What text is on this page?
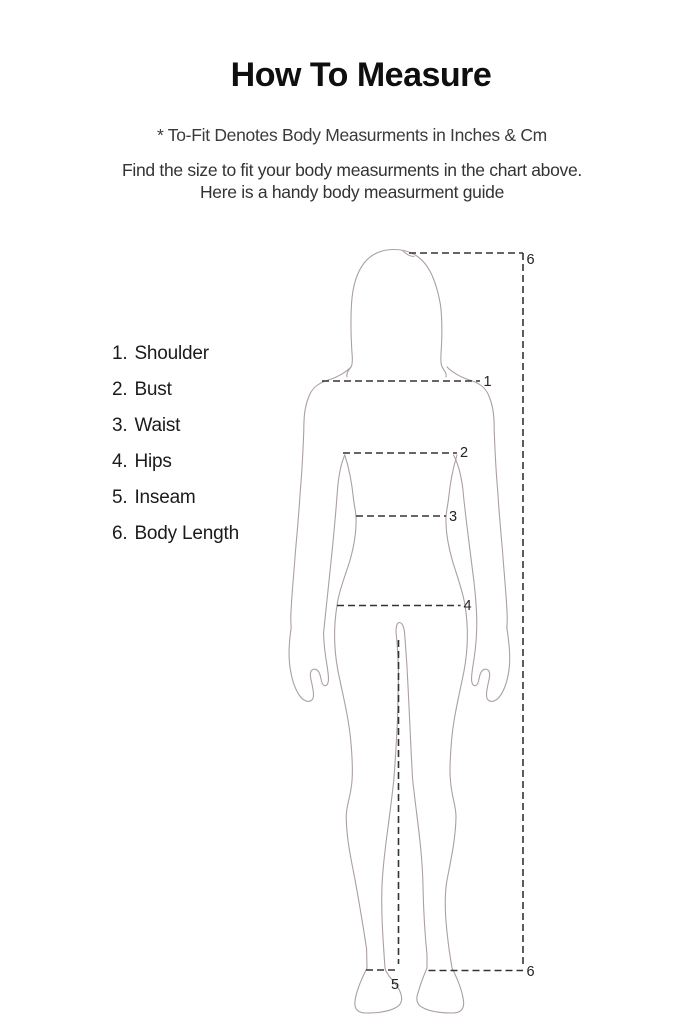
How To Measure

* To-Fit Denotes Body Measurments in Inches & Cm

Find the size to fit your body measurments in the chart above.
Here is a handy body measurment guide
1. Shoulder
2. Bust
3. Waist
4. Hips
5. Inseam
6. Body Length
1
2
3
4
5
6
6
